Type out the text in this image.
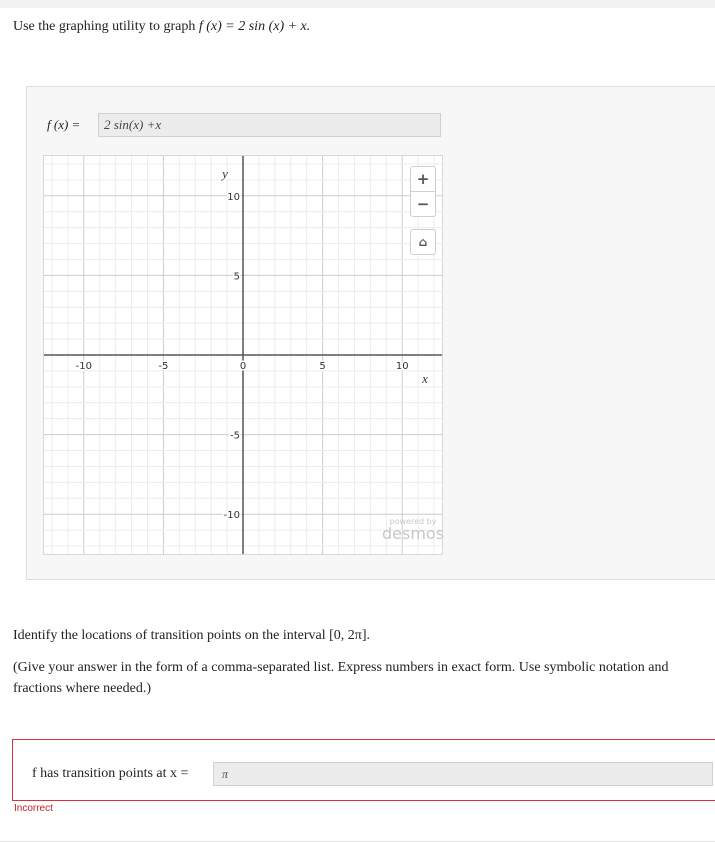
Use the graphing utility to graph f (x) = 2 sin (x) + x.
f (x) =	2 sin(x) +x
-10	-5	0	5	10
10
5
-5
-10
x
y	+
−
⌂
powered by
desmos
Identify the locations of transition points on the interval [0, 2π].
(Give your answer in the form of a comma-separated list. Express numbers in exact form. Use symbolic notation and fractions where needed.)
f has transition points at x =	π
Incorrect
